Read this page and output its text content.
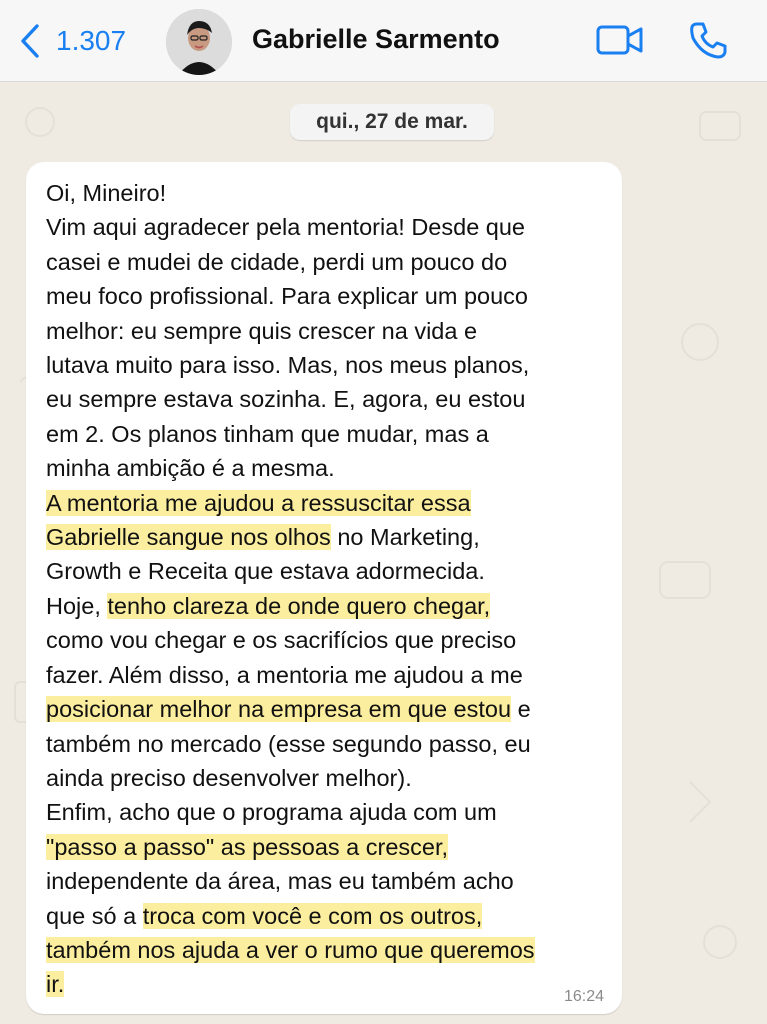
1.307	Gabrielle Sarmento
qui., 27 de mar.
Oi, Mineiro!
Vim aqui agradecer pela mentoria! Desde que
casei e mudei de cidade, perdi um pouco do
meu foco profissional. Para explicar um pouco
melhor: eu sempre quis crescer na vida e
lutava muito para isso. Mas, nos meus planos,
eu sempre estava sozinha. E, agora, eu estou
em 2. Os planos tinham que mudar, mas a
minha ambição é a mesma.
A mentoria me ajudou a ressuscitar essa
Gabrielle sangue nos olhos no Marketing,
Growth e Receita que estava adormecida.
Hoje, tenho clareza de onde quero chegar,
como vou chegar e os sacrifícios que preciso
fazer. Além disso, a mentoria me ajudou a me
posicionar melhor na empresa em que estou e
também no mercado (esse segundo passo, eu
ainda preciso desenvolver melhor).
Enfim, acho que o programa ajuda com um
"passo a passo" as pessoas a crescer,
independente da área, mas eu também acho
que só a troca com você e com os outros,
também nos ajuda a ver o rumo que queremos
ir.	16:24
